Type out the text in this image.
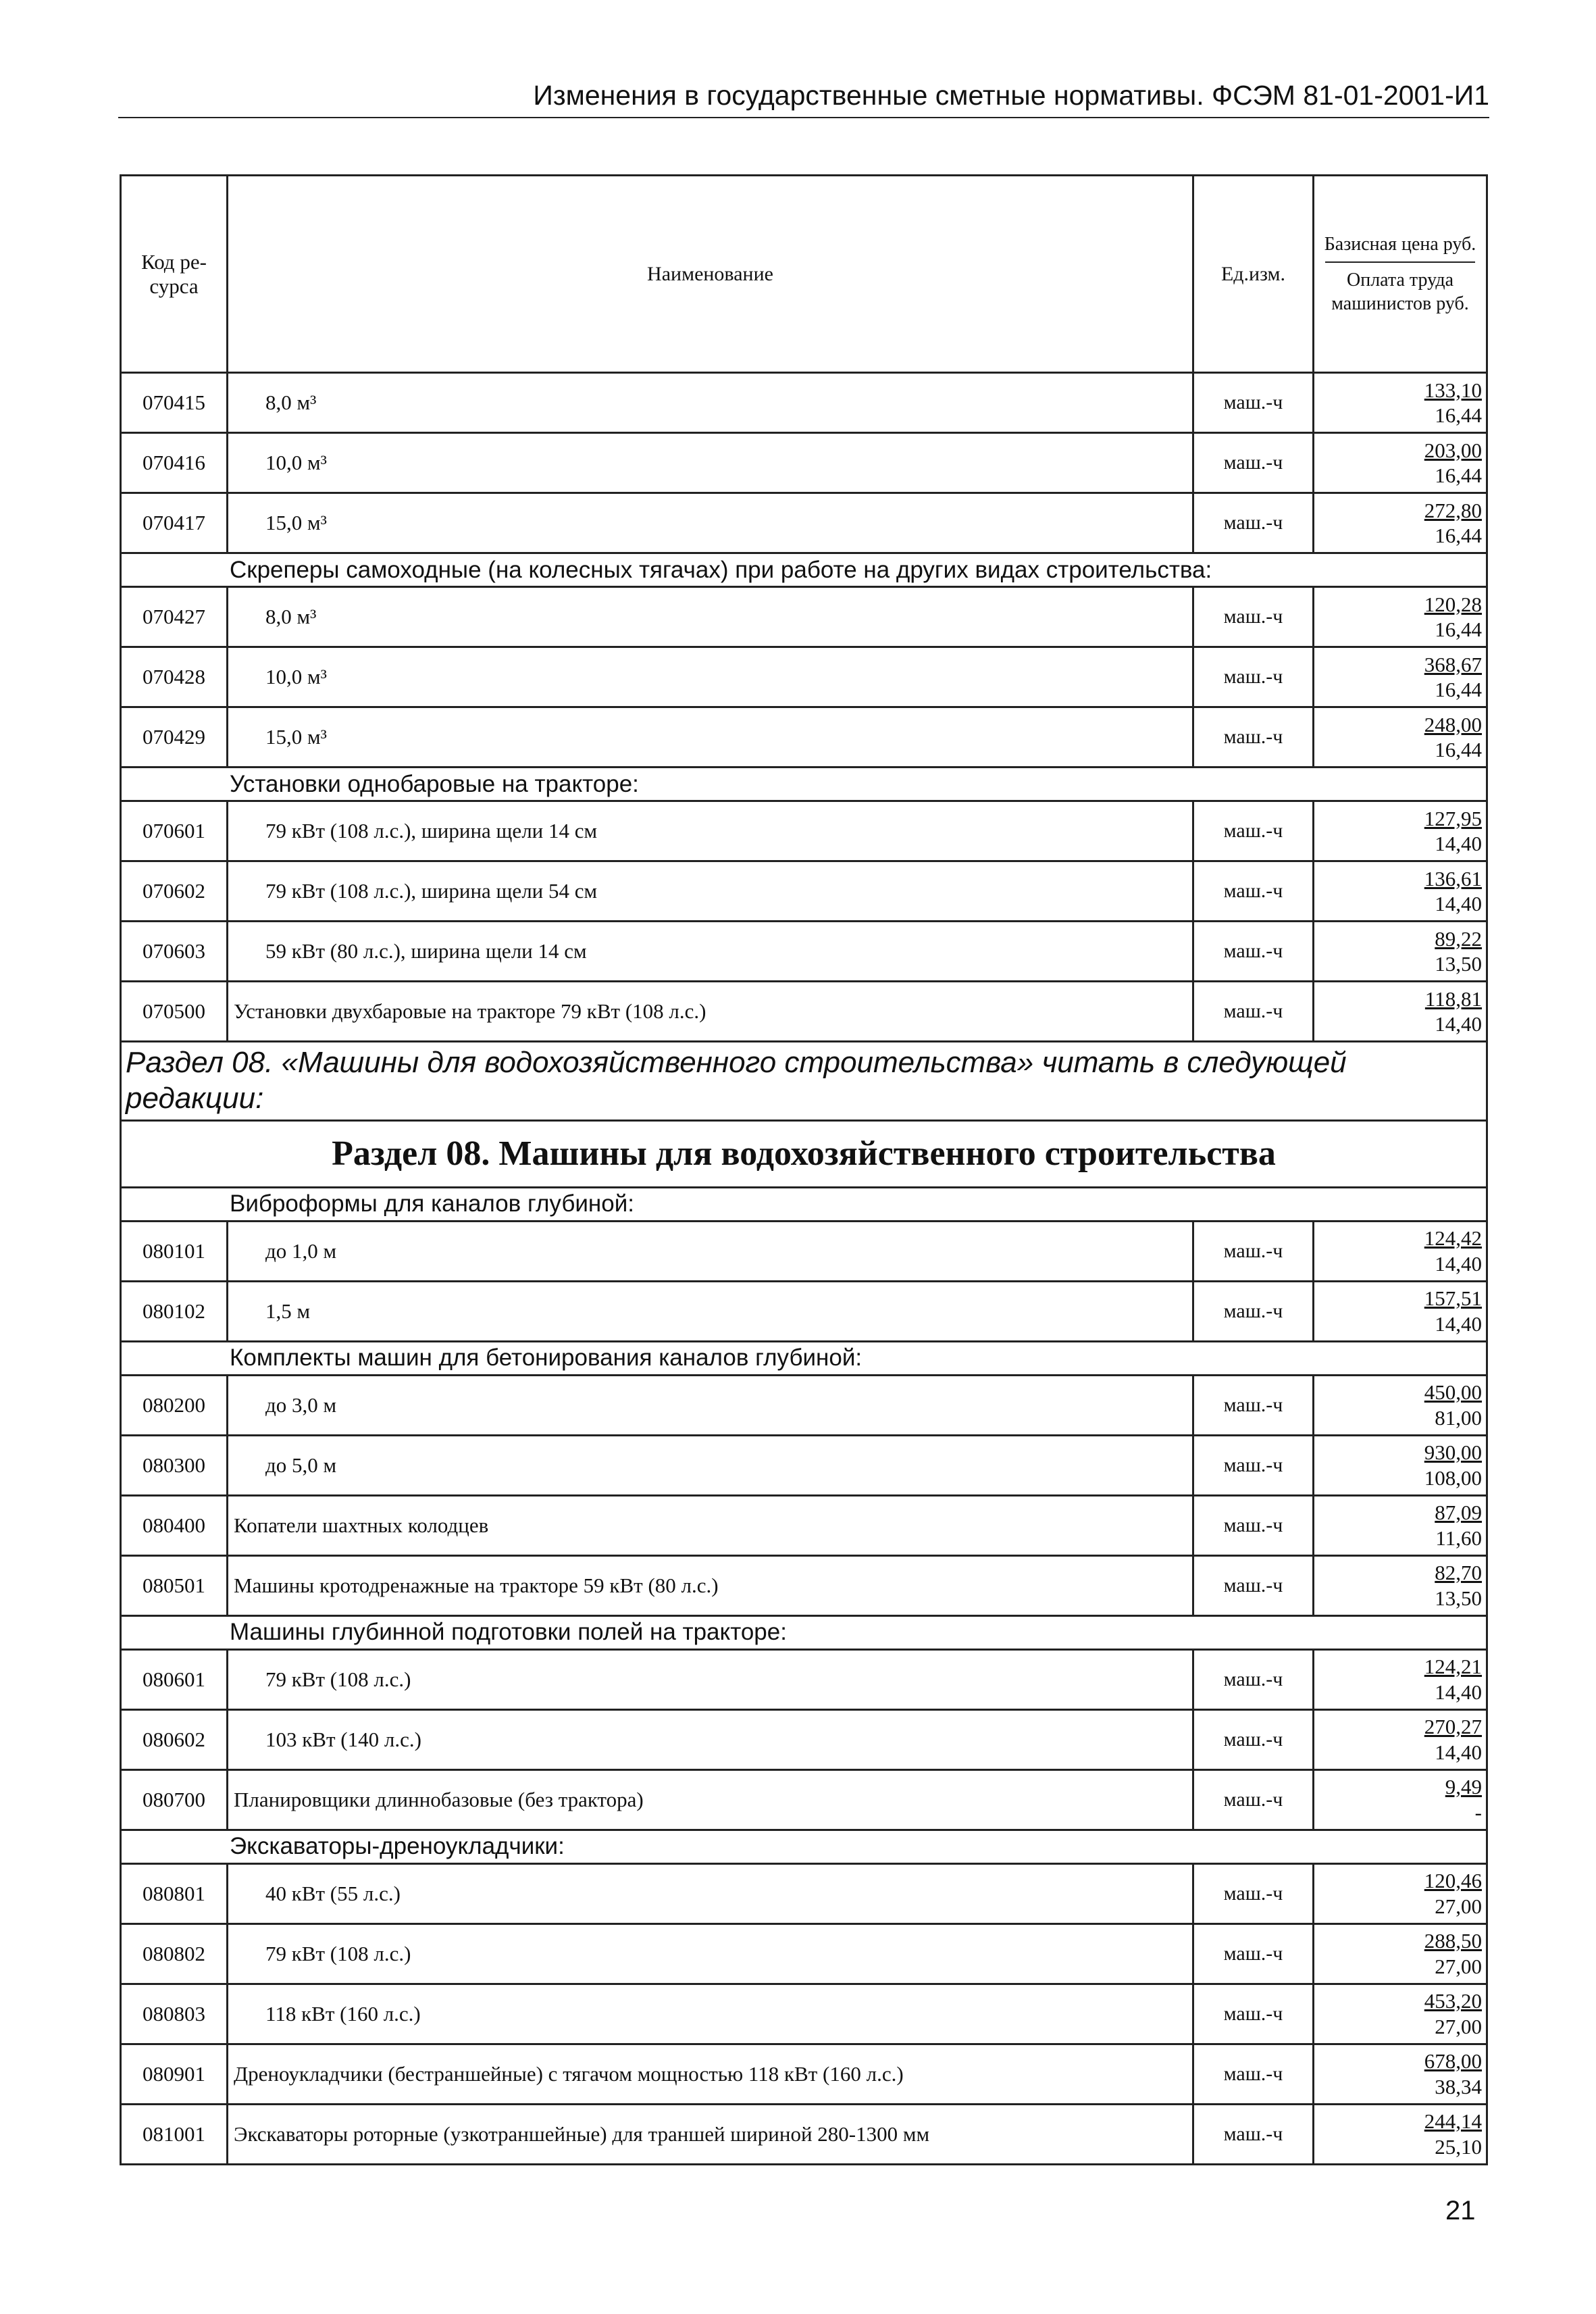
Изменения в государственные сметные нормативы. ФСЭМ 81-01-2001-И1
Код ре-сурса	Наименование	Ед.изм.	Базисная цена руб.
Оплата труда машинистов руб.

070415	8,0 м³	маш.-ч	133,10
16,44

070416	10,0 м³	маш.-ч	203,00
16,44

070417	15,0 м³	маш.-ч	272,80
16,44

Скреперы самоходные (на колесных тягачах) при работе на других видах строительства:			
070427	8,0 м³	маш.-ч	120,28
16,44

070428	10,0 м³	маш.-ч	368,67
16,44

070429	15,0 м³	маш.-ч	248,00
16,44

Установки однобаровые на тракторе:			
070601	79 кВт (108 л.с.), ширина щели 14 см	маш.-ч	127,95
14,40

070602	79 кВт (108 л.с.), ширина щели 54 см	маш.-ч	136,61
14,40

070603	59 кВт (80 л.с.), ширина щели 14 см	маш.-ч	89,22
13,50

070500	Установки двухбаровые на тракторе 79 кВт (108 л.с.)	маш.-ч	118,81
14,40

Раздел 08. «Машины для водохозяйственного строительства» читать в следующей редакции:			
Раздел 08. Машины для водохозяйственного строительства			
Виброформы для каналов глубиной:			
080101	до 1,0 м	маш.-ч	124,42
14,40

080102	1,5 м	маш.-ч	157,51
14,40

Комплекты машин для бетонирования каналов глубиной:			
080200	до 3,0 м	маш.-ч	450,00
81,00

080300	до 5,0 м	маш.-ч	930,00
108,00

080400	Копатели шахтных колодцев	маш.-ч	87,09
11,60

080501	Машины кротодренажные на тракторе 59 кВт (80 л.с.)	маш.-ч	82,70
13,50

Машины глубинной подготовки полей на тракторе:			
080601	79 кВт (108 л.с.)	маш.-ч	124,21
14,40

080602	103 кВт (140 л.с.)	маш.-ч	270,27
14,40

080700	Планировщики длиннобазовые (без трактора)	маш.-ч	9,49
-

Экскаваторы-дреноукладчики:			
080801	40 кВт (55 л.с.)	маш.-ч	120,46
27,00

080802	79 кВт (108 л.с.)	маш.-ч	288,50
27,00

080803	118 кВт (160 л.с.)	маш.-ч	453,20
27,00

080901	Дреноукладчики (бестраншейные) с тягачом мощностью 118 кВт (160 л.с.)	маш.-ч	678,00
38,34

081001	Экскаваторы роторные (узкотраншейные) для траншей шириной 280-1300 мм	маш.-ч	244,14
25,10
21
